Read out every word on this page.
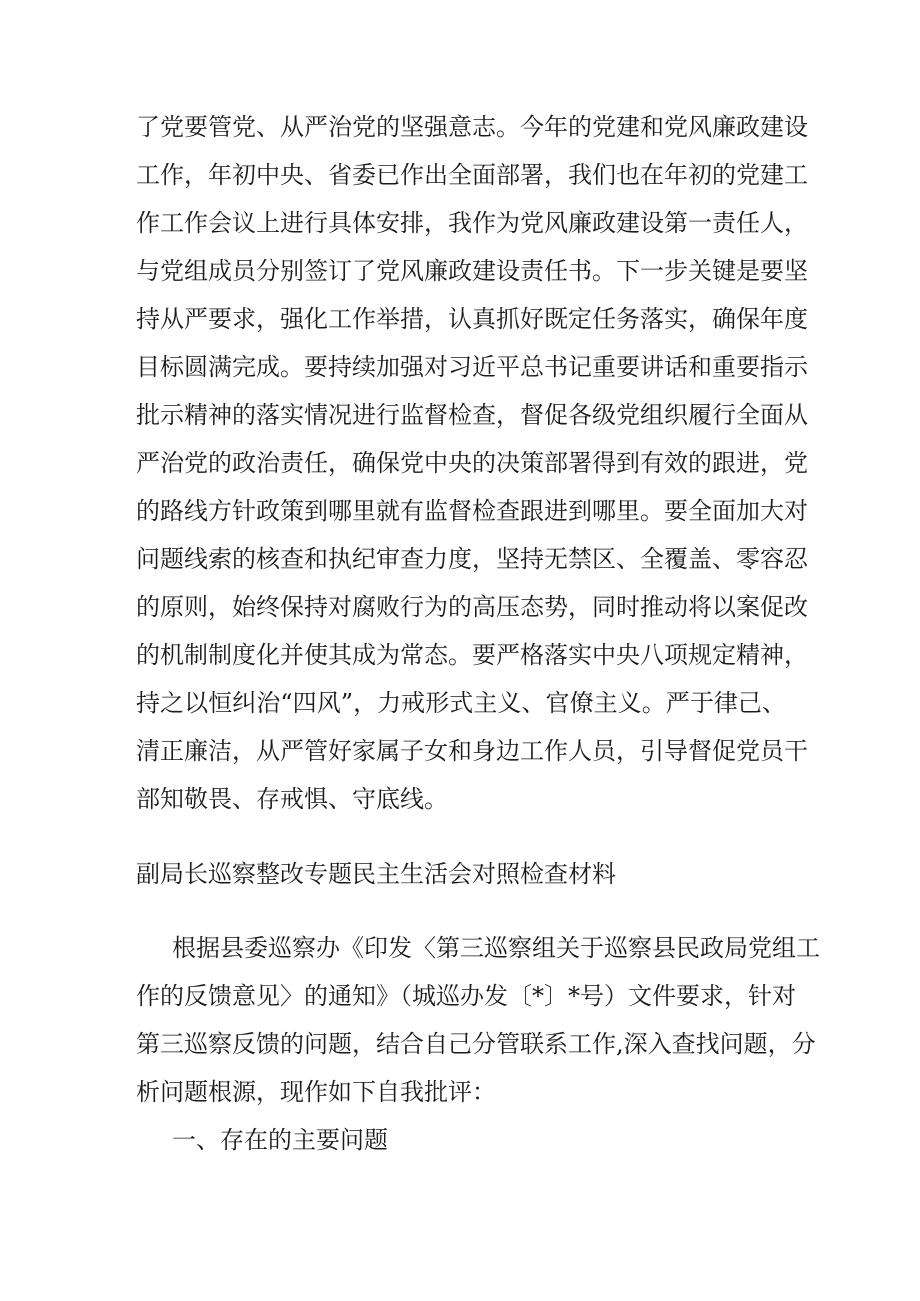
了党要管党、从严治党的坚强意志。今年的党建和党风廉政建设
工作，年初中央、省委已作出全面部署，我们也在年初的党建工
作工作会议上进行具体安排，我作为党风廉政建设第一责任人，
与党组成员分别签订了党风廉政建设责任书。下一步关键是要坚
持从严要求，强化工作举措，认真抓好既定任务落实，确保年度
目标圆满完成。要持续加强对习近平总书记重要讲话和重要指示
批示精神的落实情况进行监督检查，督促各级党组织履行全面从
严治党的政治责任，确保党中央的决策部署得到有效的跟进，党
的路线方针政策到哪里就有监督检查跟进到哪里。要全面加大对
问题线索的核查和执纪审查力度，坚持无禁区、全覆盖、零容忍
的原则，始终保持对腐败行为的高压态势，同时推动将以案促改
的机制制度化并使其成为常态。要严格落实中央八项规定精神，
持之以恒纠治“四风”，力戒形式主义、官僚主义。严于律己、
清正廉洁，从严管好家属子女和身边工作人员，引导督促党员干
部知敬畏、存戒惧、守底线。
副局长巡察整改专题民主生活会对照检查材料
根据县委巡察办《印发〈第三巡察组关于巡察县民政局党组工
作的反馈意见〉的通知》（城巡办发〔*〕*号）文件要求，针对
第三巡察反馈的问题，结合自己分管联系工作,深入查找问题，分
析问题根源，现作如下自我批评：
一、存在的主要问题
